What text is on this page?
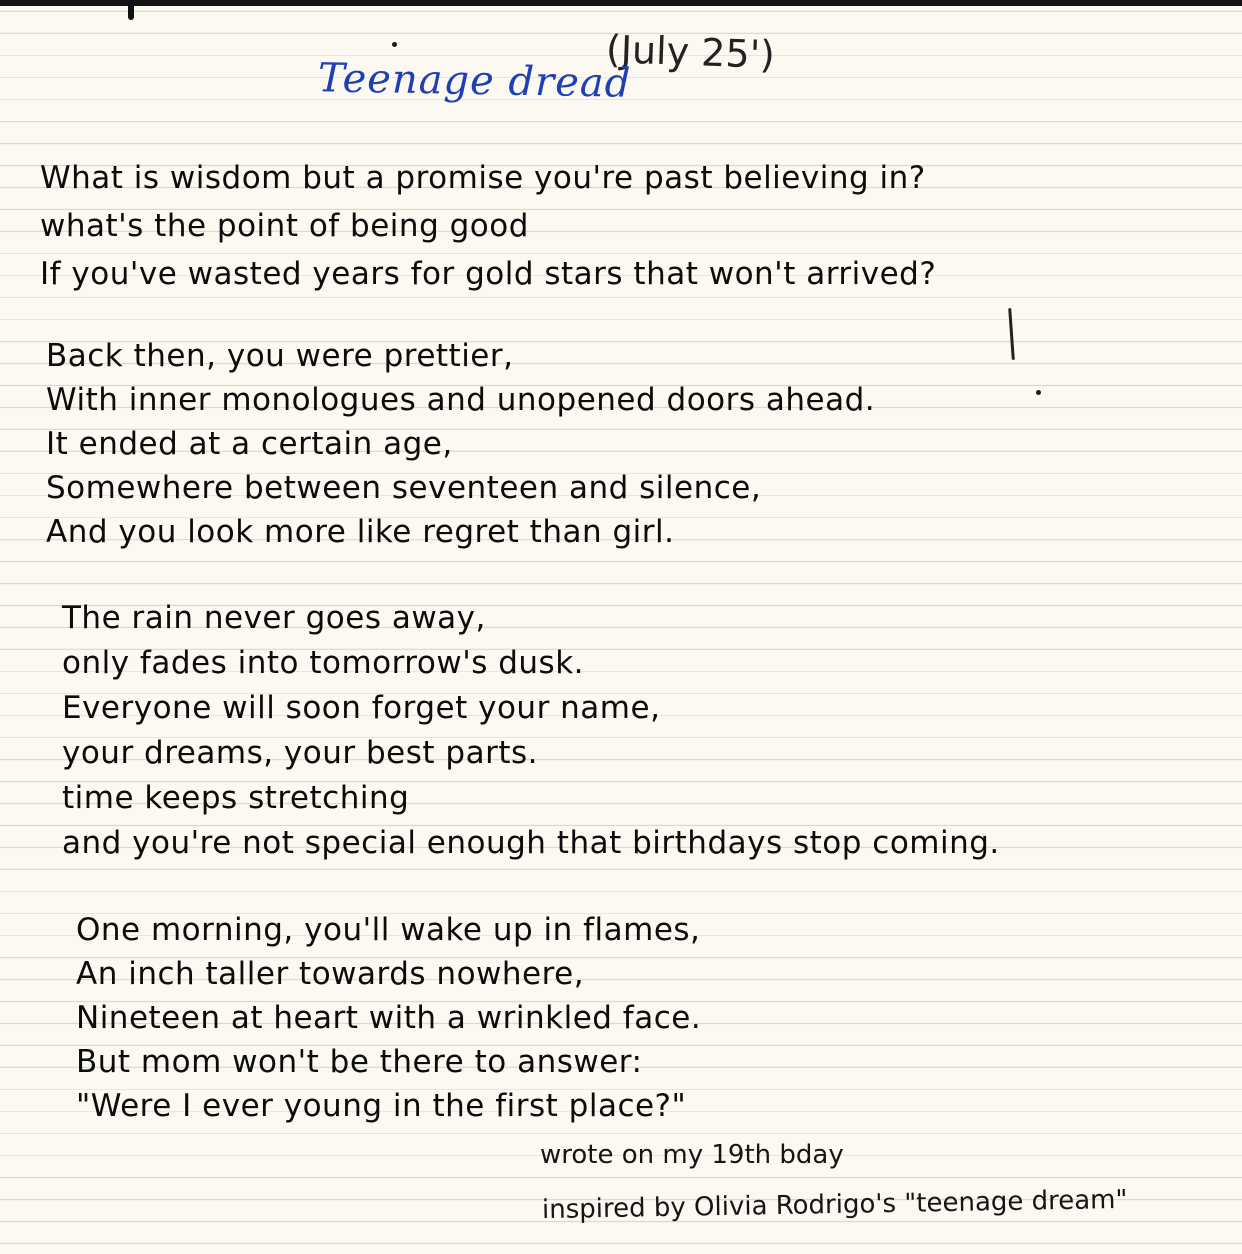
(July 25')
Teenage dread
What is wisdom but a promise you're past believing in?
what's the point of being good
If you've wasted years for gold stars that won't arrived?
Back then, you were prettier,
With inner monologues and unopened doors ahead.
It ended at a certain age,
Somewhere between seventeen and silence,
And you look more like regret than girl.
The rain never goes away,
only fades into tomorrow's dusk.
Everyone will soon forget your name,
your dreams, your best parts.
time keeps stretching
and you're not special enough that birthdays stop coming.
One morning, you'll wake up in flames,
An inch taller towards nowhere,
Nineteen at heart with a wrinkled face.
But mom won't be there to answer:
"Were I ever young in the first place?"

wrote on my 19th bday

inspired by Olivia Rodrigo's "teenage dream"
